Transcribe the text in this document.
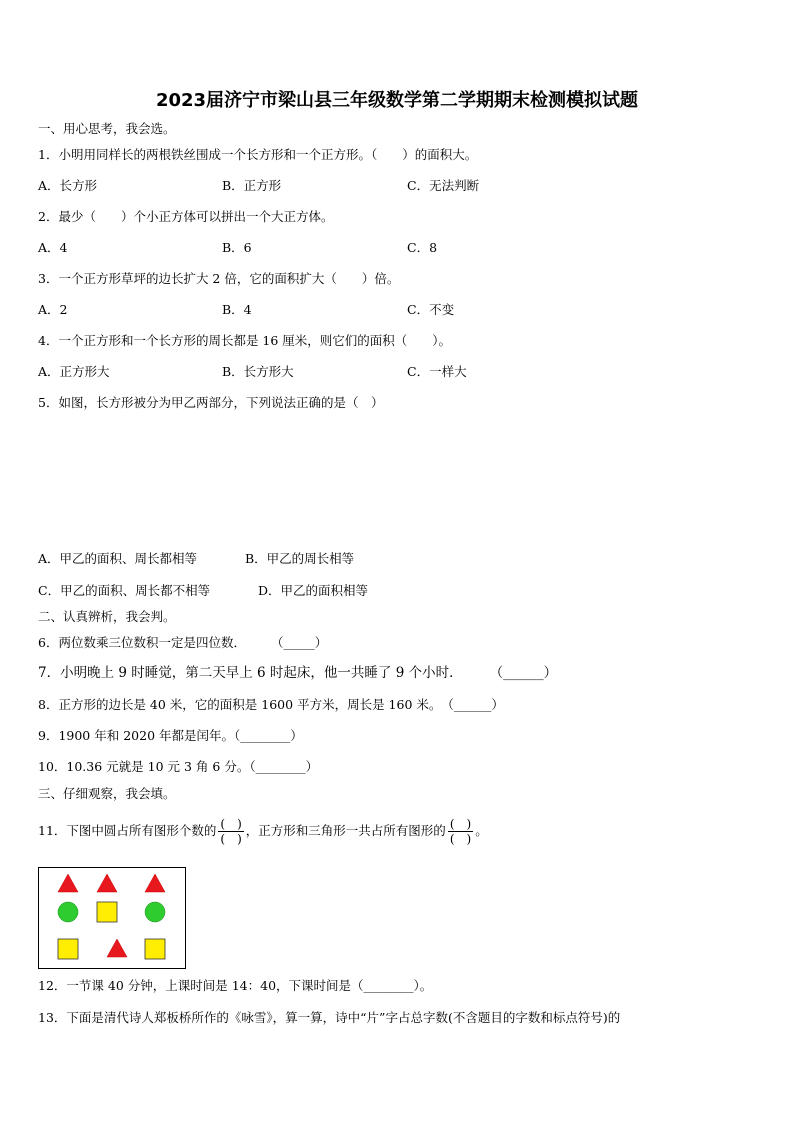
2023届济宁市梁山县三年级数学第二学期期末检测模拟试题
一、用心思考，我会选。
1．小明用同样长的两根铁丝围成一个长方形和一个正方形。（　　）的面积大。
A．长方形	B．正方形	C．无法判断
2．最少（　　）个小正方体可以拼出一个大正方体。
A．4	B．6	C．8
3．一个正方形草坪的边长扩大 2 倍，它的面积扩大（　　）倍。
A．2	B．4	C．不变
4．一个正方形和一个长方形的周长都是 16 厘米，则它们的面积（　　）。
A．正方形大	B．长方形大	C．一样大
5．如图，长方形被分为甲乙两部分，下列说法正确的是（　）
A．甲乙的面积、周长都相等	B．甲乙的周长相等
C．甲乙的面积、周长都不相等	D．甲乙的面积相等
二、认真辨析，我会判。
6．两位数乘三位数积一定是四位数．　　　（_____）
7．小明晚上 9 时睡觉，第二天早上 6 时起床，他一共睡了 9 个小时．　　　（______）
8．正方形的边长是 40 米，它的面积是 1600 平方米，周长是 160 米。　（______）
9．1900 年和 2020 年都是闰年。（________）
10．10.36 元就是 10 元 3 角 6 分。（________）
三、仔细观察，我会填。
11．下图中圆占所有图形个数的 $\frac{( )}{( )}$ ，正方形和三角形一共占所有图形的 $\frac{( )}{( )}$ 。
12．一节课 40 分钟，上课时间是 14：40，下课时间是（________）。
13．下面是清代诗人郑板桥所作的《咏雪》，算一算，诗中“片”字占总字数(不含题目的字数和标点符号)的
